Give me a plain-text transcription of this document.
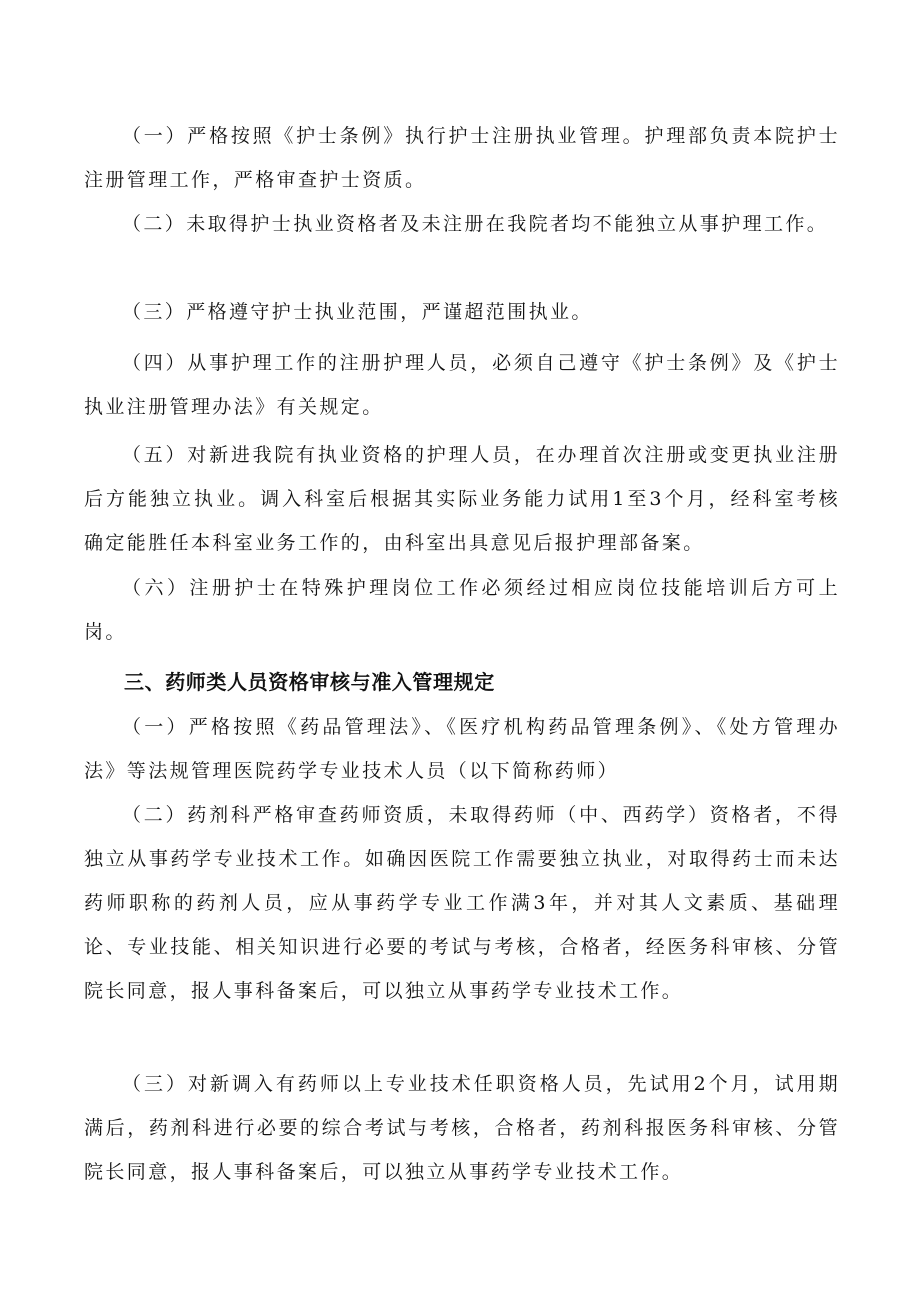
（一）严格按照《护士条例》执行护士注册执业管理。护理部负责本院护士注册管理工作，严格审查护士资质。

（二）未取得护士执业资格者及未注册在我院者均不能独立从事护理工作。

（三）严格遵守护士执业范围，严谨超范围执业。

（四）从事护理工作的注册护理人员，必须自己遵守《护士条例》及《护士执业注册管理办法》有关规定。

（五）对新进我院有执业资格的护理人员，在办理首次注册或变更执业注册后方能独立执业。调入科室后根据其实际业务能力试用1至3个月，经科室考核确定能胜任本科室业务工作的，由科室出具意见后报护理部备案。

（六）注册护士在特殊护理岗位工作必须经过相应岗位技能培训后方可上岗。

三、药师类人员资格审核与准入管理规定

（一）严格按照《药品管理法》、《医疗机构药品管理条例》、《处方管理办法》等法规管理医院药学专业技术人员（以下简称药师）

（二）药剂科严格审查药师资质，未取得药师（中、西药学）资格者，不得独立从事药学专业技术工作。如确因医院工作需要独立执业，对取得药士而未达药师职称的药剂人员，应从事药学专业工作满3年，并对其人文素质、基础理论、专业技能、相关知识进行必要的考试与考核，合格者，经医务科审核、分管院长同意，报人事科备案后，可以独立从事药学专业技术工作。

（三）对新调入有药师以上专业技术任职资格人员，先试用2个月，试用期满后，药剂科进行必要的综合考试与考核，合格者，药剂科报医务科审核、分管院长同意，报人事科备案后，可以独立从事药学专业技术工作。
